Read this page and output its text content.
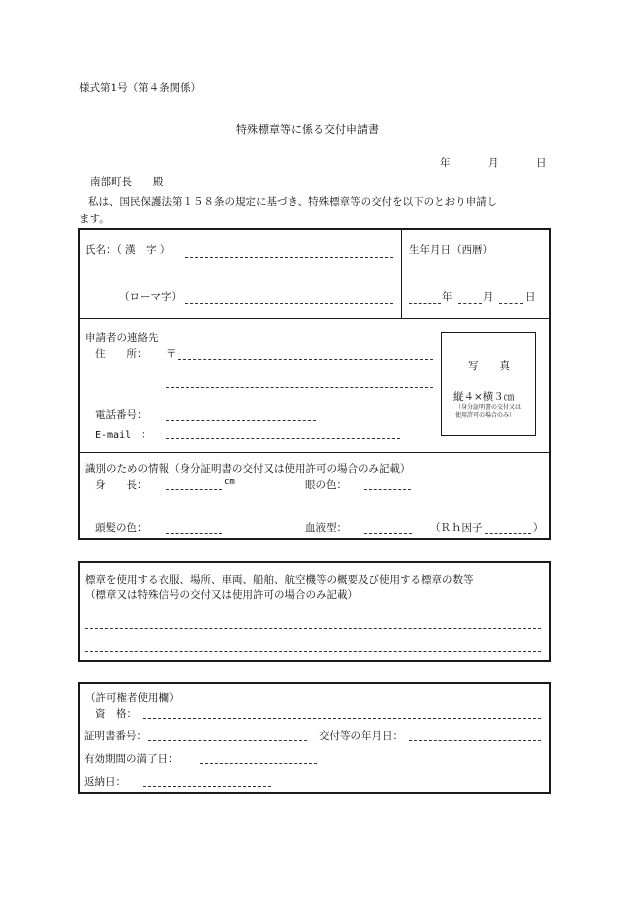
様式第1号（第４条関係）
特殊標章等に係る交付申請書
年	月	日
南部町長　　殿
私は、国民保護法第１５８条の規定に基づき、特殊標章等の交付を以下のとおり申請し
ます。
氏名：（ 漢　字 ）	生年月日（西暦）
（ローマ字）	年	月	日
申請者の連絡先
住　　所： 〒
電話番号：
E-mail　：
写　　真
縦４×横３㎝
（身分証明書の交付又は
使用許可の場合のみ）
識別のための情報（身分証明書の交付又は使用許可の場合のみ記載）
身　　長：	cm	眼の色：
頭髪の色：	血液型：	（Ｒｈ因子	）
標章を使用する衣服、場所、車両、船舶、航空機等の概要及び使用する標章の数等
（標章又は特殊信号の交付又は使用許可の場合のみ記載）
（許可権者使用欄）
資　格：
証明書番号：	交付等の年月日：
有効期間の満了日：
返納日：
